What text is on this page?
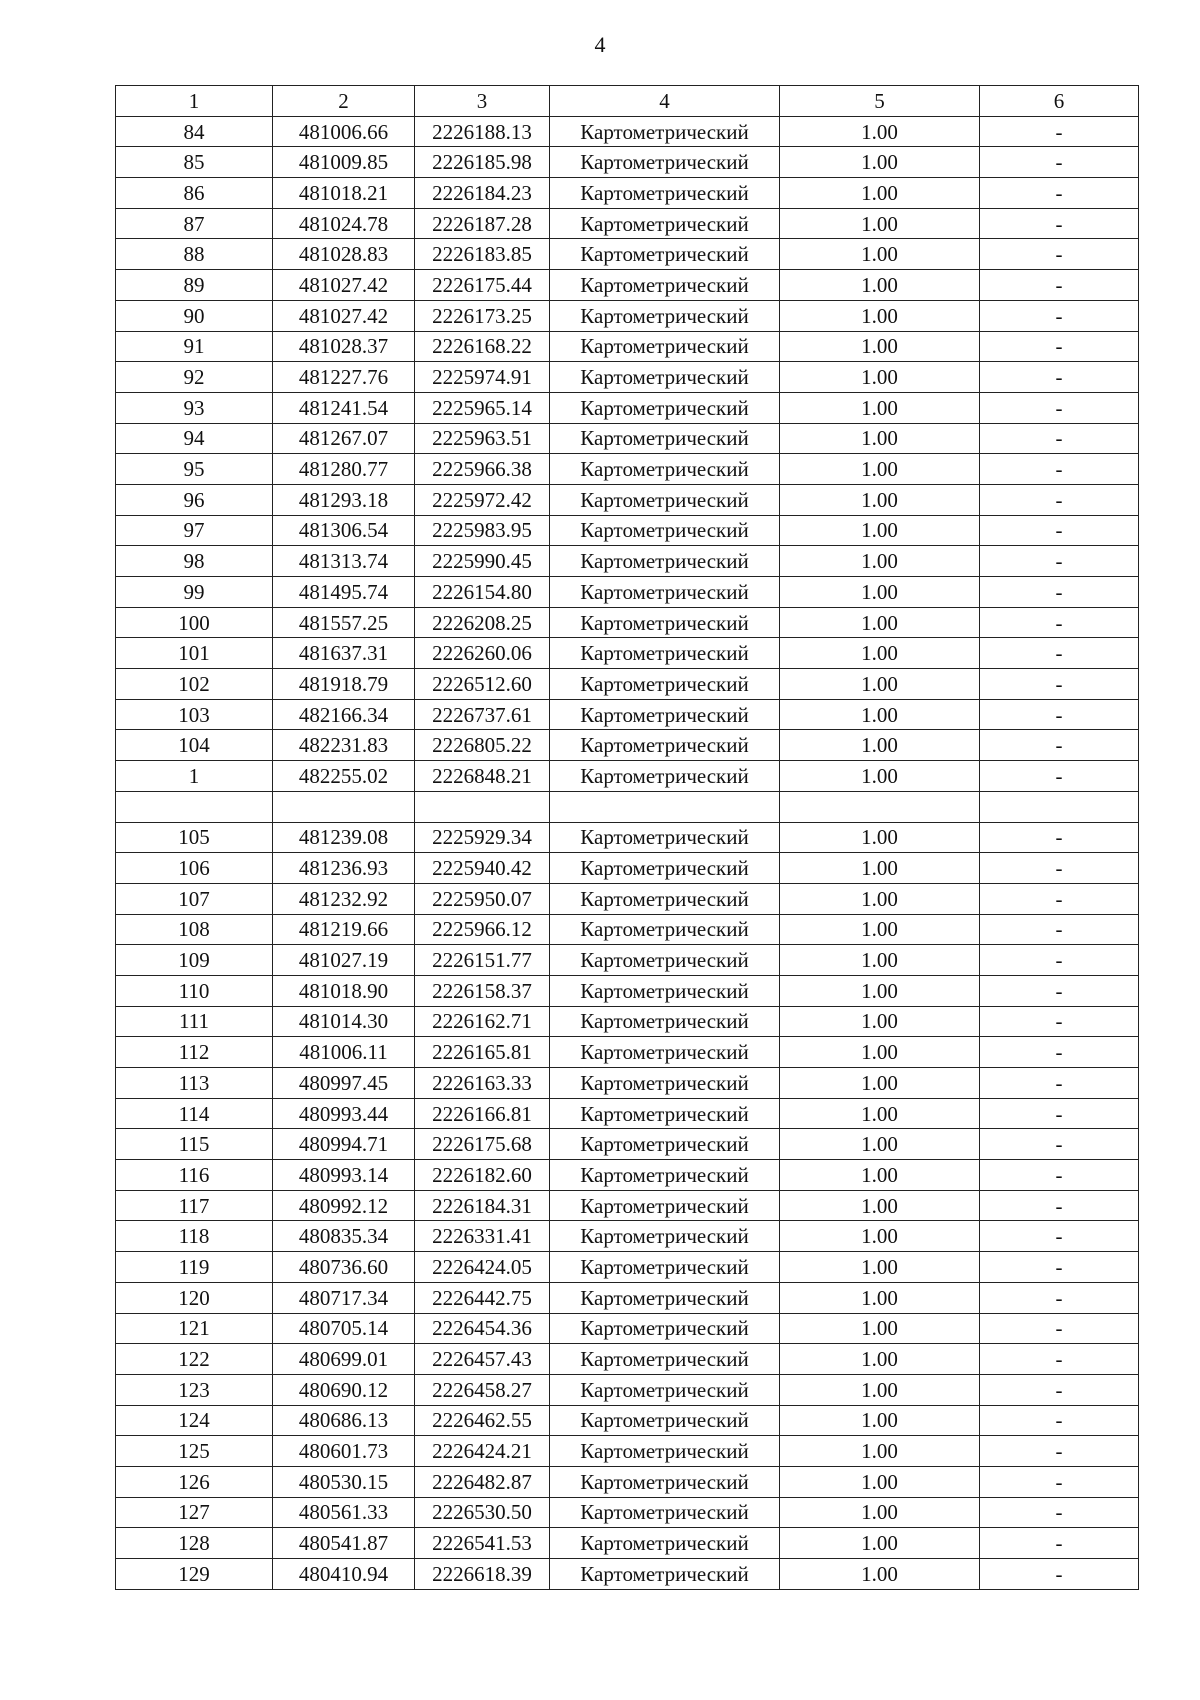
4
1	2	3	4	5	6
84	481006.66	2226188.13	Картометрический	1.00	-
85	481009.85	2226185.98	Картометрический	1.00	-
86	481018.21	2226184.23	Картометрический	1.00	-
87	481024.78	2226187.28	Картометрический	1.00	-
88	481028.83	2226183.85	Картометрический	1.00	-
89	481027.42	2226175.44	Картометрический	1.00	-
90	481027.42	2226173.25	Картометрический	1.00	-
91	481028.37	2226168.22	Картометрический	1.00	-
92	481227.76	2225974.91	Картометрический	1.00	-
93	481241.54	2225965.14	Картометрический	1.00	-
94	481267.07	2225963.51	Картометрический	1.00	-
95	481280.77	2225966.38	Картометрический	1.00	-
96	481293.18	2225972.42	Картометрический	1.00	-
97	481306.54	2225983.95	Картометрический	1.00	-
98	481313.74	2225990.45	Картометрический	1.00	-
99	481495.74	2226154.80	Картометрический	1.00	-
100	481557.25	2226208.25	Картометрический	1.00	-
101	481637.31	2226260.06	Картометрический	1.00	-
102	481918.79	2226512.60	Картометрический	1.00	-
103	482166.34	2226737.61	Картометрический	1.00	-
104	482231.83	2226805.22	Картометрический	1.00	-
1	482255.02	2226848.21	Картометрический	1.00	-

105	481239.08	2225929.34	Картометрический	1.00	-
106	481236.93	2225940.42	Картометрический	1.00	-
107	481232.92	2225950.07	Картометрический	1.00	-
108	481219.66	2225966.12	Картометрический	1.00	-
109	481027.19	2226151.77	Картометрический	1.00	-
110	481018.90	2226158.37	Картометрический	1.00	-
111	481014.30	2226162.71	Картометрический	1.00	-
112	481006.11	2226165.81	Картометрический	1.00	-
113	480997.45	2226163.33	Картометрический	1.00	-
114	480993.44	2226166.81	Картометрический	1.00	-
115	480994.71	2226175.68	Картометрический	1.00	-
116	480993.14	2226182.60	Картометрический	1.00	-
117	480992.12	2226184.31	Картометрический	1.00	-
118	480835.34	2226331.41	Картометрический	1.00	-
119	480736.60	2226424.05	Картометрический	1.00	-
120	480717.34	2226442.75	Картометрический	1.00	-
121	480705.14	2226454.36	Картометрический	1.00	-
122	480699.01	2226457.43	Картометрический	1.00	-
123	480690.12	2226458.27	Картометрический	1.00	-
124	480686.13	2226462.55	Картометрический	1.00	-
125	480601.73	2226424.21	Картометрический	1.00	-
126	480530.15	2226482.87	Картометрический	1.00	-
127	480561.33	2226530.50	Картометрический	1.00	-
128	480541.87	2226541.53	Картометрический	1.00	-
129	480410.94	2226618.39	Картометрический	1.00	-
